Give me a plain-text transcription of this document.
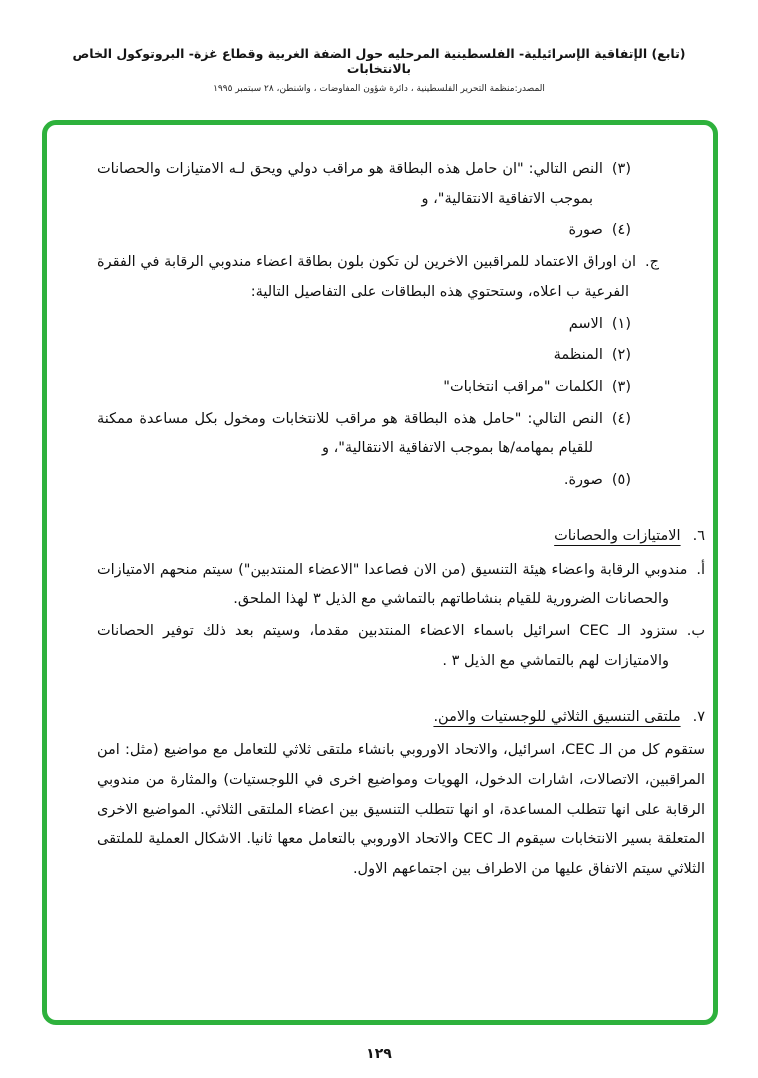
(تابع) الإتفاقية الإسرائيلية- الفلسطينية المرحليه حول الضفة الغربية وقطاع غزة- البروتوكول الخاص بالانتخابات
المصدر:منظمة التحرير الفلسطينية ، دائرة شؤون المفاوضات ، واشنطن، ٢٨ سبتمبر ١٩٩٥

(٣)النص التالي: "ان حامل هذه البطاقة هو مراقب دولي ويحق لـه الامتيازات والحصانات بموجب الاتفاقية الانتقالية"، و

(٤)صورة

ج.ان اوراق الاعتماد للمراقبين الاخرين لن تكون بلون بطاقة اعضاء مندوبي الرقابة في الفقرة الفرعية ب اعلاه، وستحتوي هذه البطاقات على التفاصيل التالية:

(١)الاسم

(٢)المنظمة

(٣)الكلمات "مراقب انتخابات"

(٤)النص التالي: "حامل هذه البطاقة هو مراقب للانتخابات ومخول بكل مساعدة ممكنة للقيام بمهامه/ها بموجب الاتفاقية الانتقالية"، و

(٥)صورة.

٦.الامتيازات والحصانات

أ.مندوبي الرقابة واعضاء هيئة التنسيق (من الان فصاعدا "الاعضاء المنتدبين") سيتم منحهم الامتيازات والحصانات الضرورية للقيام بنشاطاتهم بالتماشي مع الذيل ٣ لهذا الملحق.

ب.ستزود الـ CEC اسرائيل باسماء الاعضاء المنتدبين مقدما، وسيتم بعد ذلك توفير الحصانات والامتيازات لهم بالتماشي مع الذيل ٣ .

٧.ملتقى التنسيق الثلاثي للوجستيات والامن.

ستقوم كل من الـ CEC، اسرائيل، والاتحاد الاوروبي بانشاء ملتقى ثلاثي للتعامل مع مواضيع (مثل: امن المراقبين، الاتصالات، اشارات الدخول، الهويات ومواضيع اخرى في اللوجستيات) والمثارة من مندوبي الرقابة على انها تتطلب المساعدة، او انها تتطلب التنسيق بين اعضاء الملتقى الثلاثي. المواضيع الاخرى المتعلقة بسير الانتخابات سيقوم الـ CEC والاتحاد الاوروبي بالتعامل معها ثانيا. الاشكال العملية للملتقى الثلاثي سيتم الاتفاق عليها من الاطراف بين اجتماعهم الاول.

١٢٩
